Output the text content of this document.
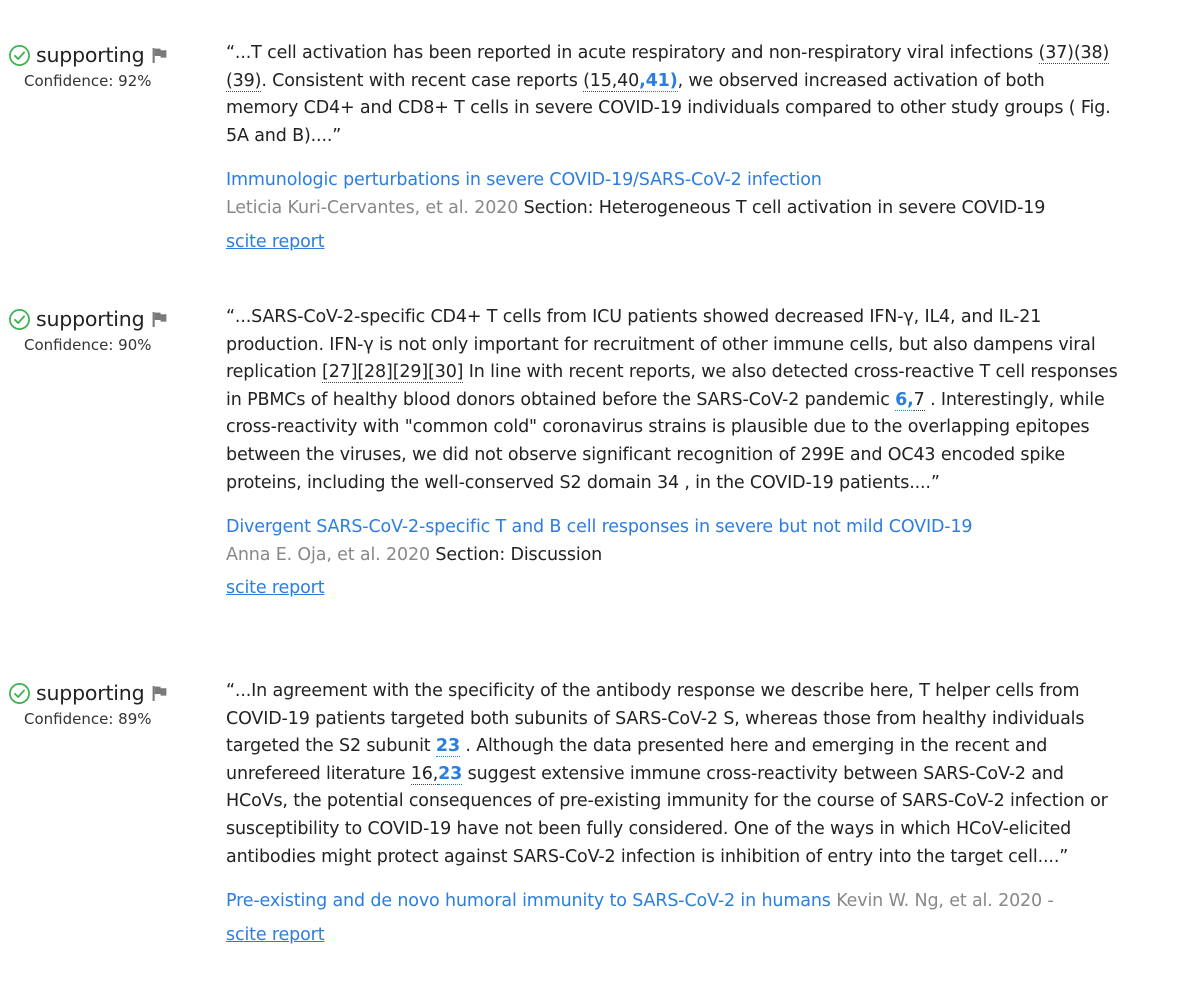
supporting
Confidence: 92%

“...T cell activation has been reported in acute respiratory and non-respiratory viral infections (37)(38)(39). Consistent with recent case reports (15,40,41), we observed increased activation of both memory CD4+ and CD8+ T cells in severe COVID-19 individuals compared to other study groups ( Fig. 5A and B)....”

Immunologic perturbations in severe COVID-19/SARS-CoV-2 infection
Leticia Kuri-Cervantes, et al. 2020 Section: Heterogeneous T cell activation in severe COVID-19
scite report
supporting
Confidence: 90%

“...SARS-CoV-2-specific CD4+ T cells from ICU patients showed decreased IFN-γ, IL4, and IL-21 production. IFN-γ is not only important for recruitment of other immune cells, but also dampens viral replication [27][28][29][30] In line with recent reports, we also detected cross-reactive T cell responses in PBMCs of healthy blood donors obtained before the SARS-CoV-2 pandemic 6,7 . Interestingly, while cross-reactivity with "common cold" coronavirus strains is plausible due to the overlapping epitopes between the viruses, we did not observe significant recognition of 299E and OC43 encoded spike proteins, including the well-conserved S2 domain 34 , in the COVID-19 patients....”

Divergent SARS-CoV-2-specific T and B cell responses in severe but not mild COVID-19
Anna E. Oja, et al. 2020 Section: Discussion
scite report
supporting
Confidence: 89%

“...In agreement with the specificity of the antibody response we describe here, T helper cells from COVID-19 patients targeted both subunits of SARS-CoV-2 S, whereas those from healthy individuals targeted the S2 subunit 23 . Although the data presented here and emerging in the recent and unrefereed literature 16,23 suggest extensive immune cross-reactivity between SARS-CoV-2 and HCoVs, the potential consequences of pre-existing immunity for the course of SARS-CoV-2 infection or susceptibility to COVID-19 have not been fully considered. One of the ways in which HCoV-elicited antibodies might protect against SARS-CoV-2 infection is inhibition of entry into the target cell....”

Pre-existing and de novo humoral immunity to SARS-CoV-2 in humans Kevin W. Ng, et al. 2020 -
scite report
